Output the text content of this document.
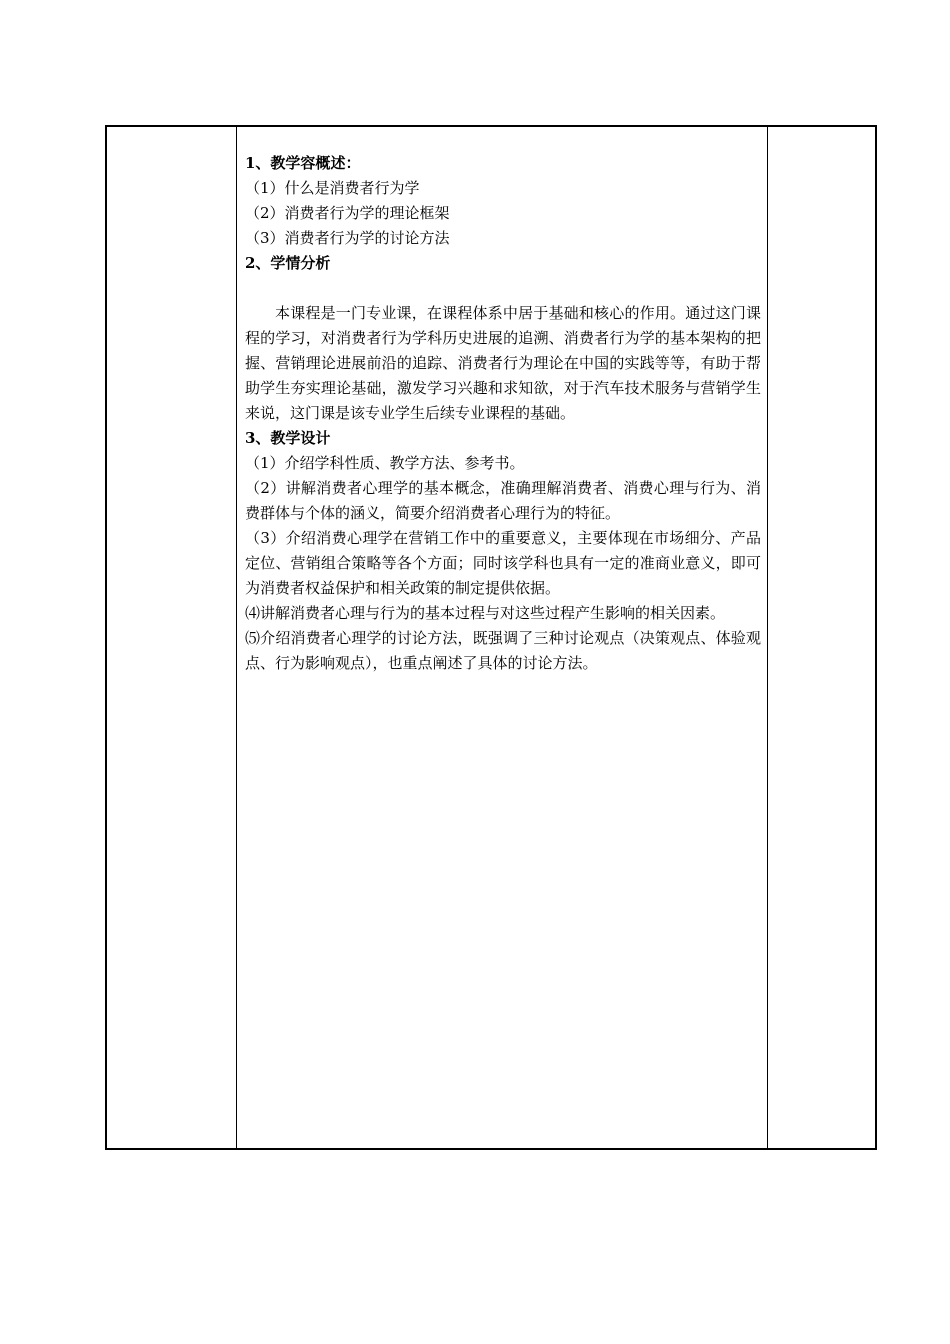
1、教学容概述：

（1）什么是消费者行为学

（2）消费者行为学的理论框架

（3）消费者行为学的讨论方法

2、学情分析

本课程是一门专业课，在课程体系中居于基础和核心的作用。通过这门课程的学习，对消费者行为学科历史进展的追溯、消费者行为学的基本架构的把握、营销理论进展前沿的追踪、消费者行为理论在中国的实践等等，有助于帮助学生夯实理论基础，激发学习兴趣和求知欲，对于汽车技术服务与营销学生来说，这门课是该专业学生后续专业课程的基础。

3、教学设计

（1）介绍学科性质、教学方法、参考书。

（2）讲解消费者心理学的基本概念，准确理解消费者、消费心理与行为、消费群体与个体的涵义，简要介绍消费者心理行为的特征。

（3）介绍消费心理学在营销工作中的重要意义，主要体现在市场细分、产品定位、营销组合策略等各个方面；同时该学科也具有一定的准商业意义，即可为消费者权益保护和相关政策的制定提供依据。

⑷讲解消费者心理与行为的基本过程与对这些过程产生影响的相关因素。

⑸介绍消费者心理学的讨论方法，既强调了三种讨论观点（决策观点、体验观点、行为影响观点），也重点阐述了具体的讨论方法。
